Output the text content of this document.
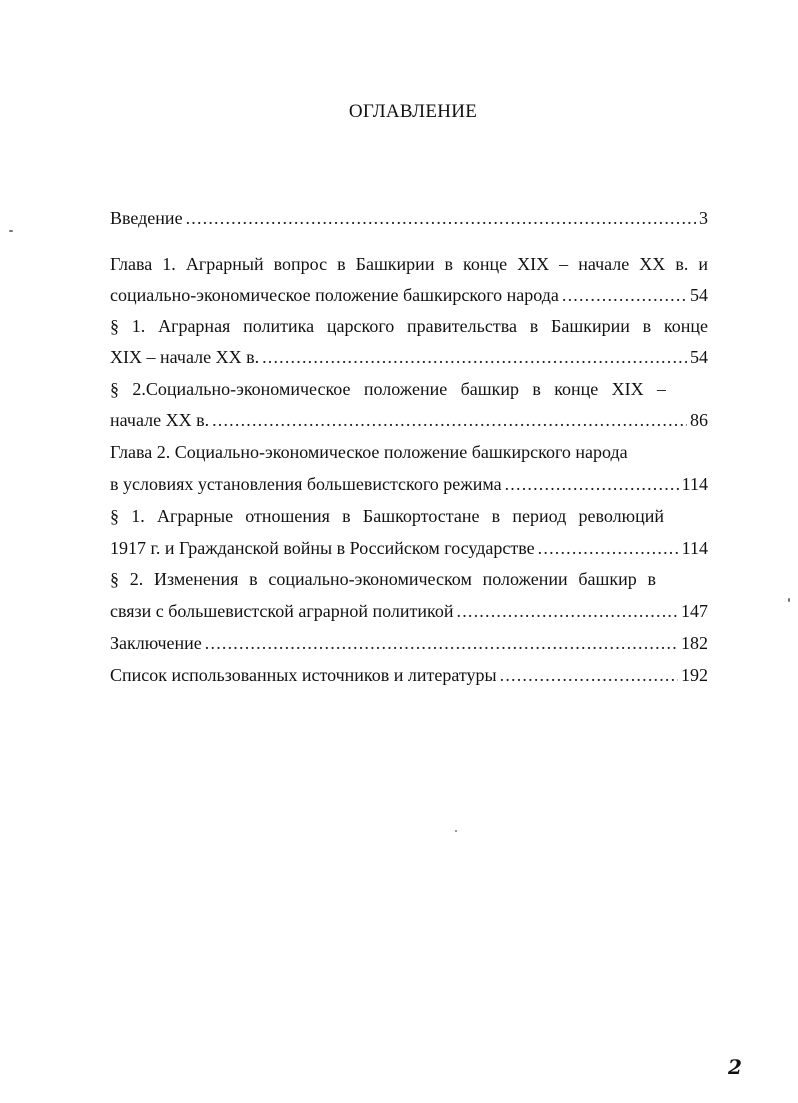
ОГЛАВЛЕНИЕ
Введение .....	3
Глава 1. Аграрный вопрос в Башкирии в конце XIX – начале XX в. и
социально-экономическое положение башкирского народа .....	54
§ 1. Аграрная политика царского правительства в Башкирии в конце
XIX – начале XX в. .....	54
§ 2.Социально-экономическое положение башкир в конце XIX –
начале XX в. .....	86
Глава 2. Социально-экономическое положение башкирского народа
в условиях установления большевистского режима .....	114
§ 1. Аграрные отношения в Башкортостане в период революций
1917 г. и Гражданской войны в Российском государстве .....	114
§ 2. Изменения в социально-экономическом положении башкир в
связи с большевистской аграрной политикой .....	147
Заключение .....	182
Список использованных источников и литературы .....	192
2
